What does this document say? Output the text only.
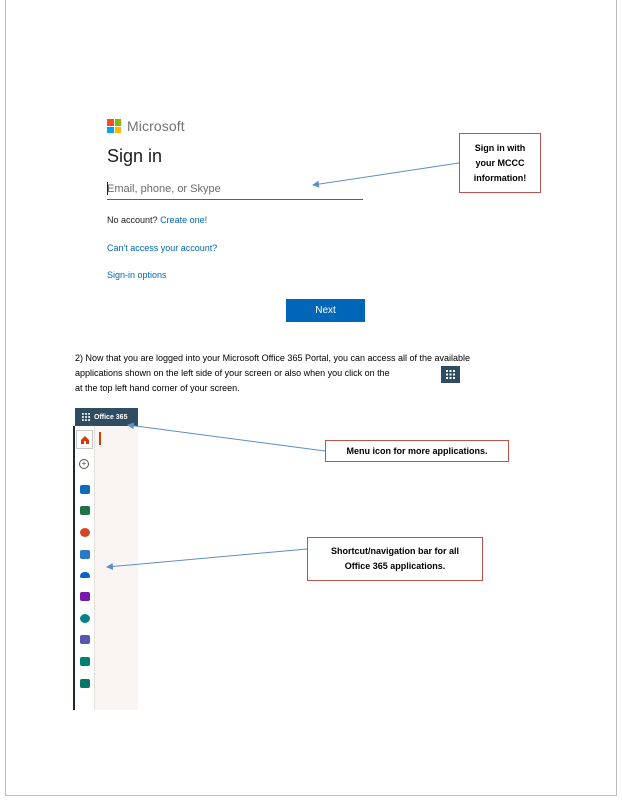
Microsoft
Sign in
Email, phone, or Skype
No account? Create one!
Can't access your account?
Sign-in options
Next
Sign in with
your MCCC
information!
Menu icon for more applications.
Shortcut/navigation bar for all
Office 365 applications.

2) Now that you are logged into your Microsoft Office 365 Portal, you can access all of the available

applications shown on the left side of your screen or also when you click on the

at the top left hand corner of your screen.

Office 365
+
